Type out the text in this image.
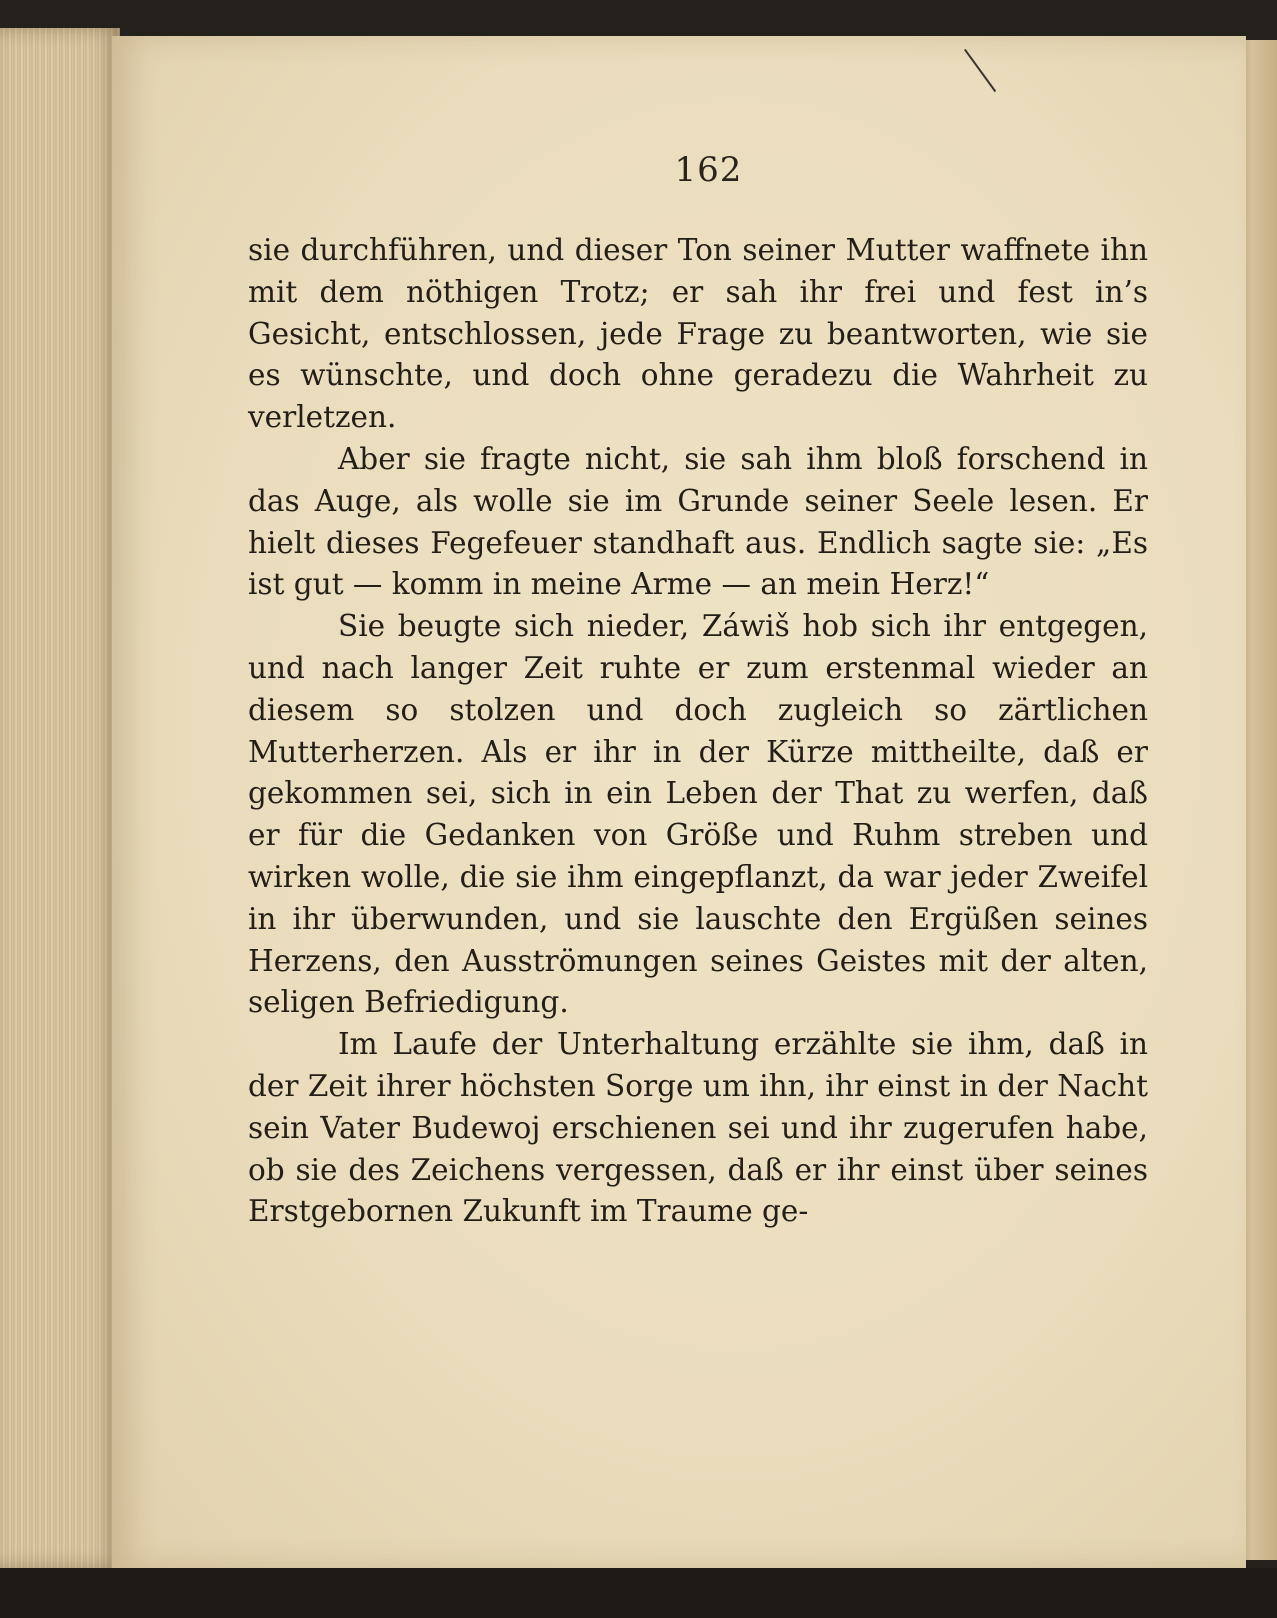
162

sie durchführen, und dieser Ton seiner Mutter waffnete ihn mit dem nöthigen Trotz; er sah ihr frei und fest in’s Gesicht, entschlossen, jede Frage zu beantworten, wie sie es wünschte, und doch ohne geradezu die Wahrheit zu verletzen.

Aber sie fragte nicht, sie sah ihm bloß forschend in das Auge, als wolle sie im Grunde seiner Seele lesen. Er hielt dieses Fegefeuer standhaft aus. Endlich sagte sie: „Es ist gut — komm in meine Arme — an mein Herz!“

Sie beugte sich nieder, Záwiš hob sich ihr entgegen, und nach langer Zeit ruhte er zum erstenmal wieder an diesem so stolzen und doch zugleich so zärtlichen Mutterherzen. Als er ihr in der Kürze mittheilte, daß er gekommen sei, sich in ein Leben der That zu werfen, daß er für die Gedanken von Größe und Ruhm streben und wirken wolle, die sie ihm eingepflanzt, da war jeder Zweifel in ihr überwunden, und sie lauschte den Ergüßen seines Herzens, den Ausströmungen seines Geistes mit der alten, seligen Befriedigung.

Im Laufe der Unterhaltung erzählte sie ihm, daß in der Zeit ihrer höchsten Sorge um ihn, ihr einst in der Nacht sein Vater Budewoj erschienen sei und ihr zugerufen habe, ob sie des Zeichens vergessen, daß er ihr einst über seines Erstgebornen Zukunft im Traume ge-
